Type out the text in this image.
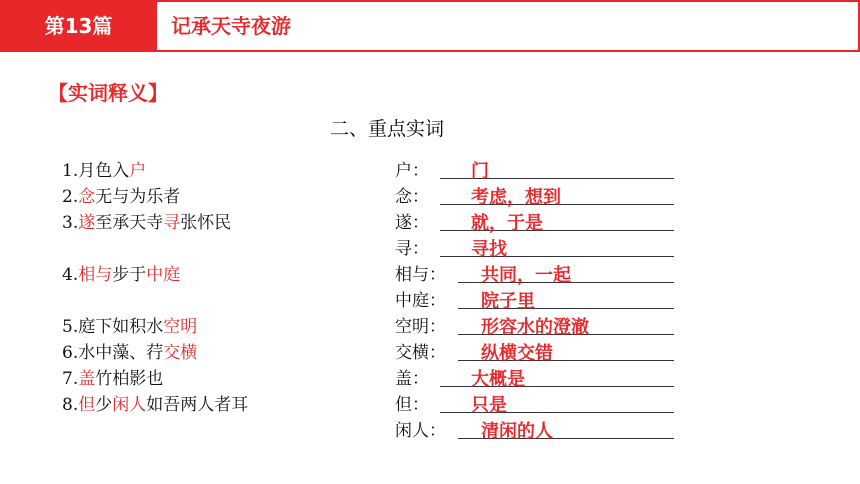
第13篇	记承天寺夜游
【实词释义】
二、重点实词
1.月色入户
2.念无与为乐者
3.遂至承天寺寻张怀民
4.相与步于中庭
5.庭下如积水空明
6.水中藻、荇交横
7.盖竹柏影也
8.但少闲人如吾两人者耳
户： 门
念： 考虑，想到
遂： 就，于是
寻： 寻找
相与： 共同，一起
中庭： 院子里
空明： 形容水的澄澈
交横： 纵横交错
盖： 大概是
但： 只是
闲人： 清闲的人
